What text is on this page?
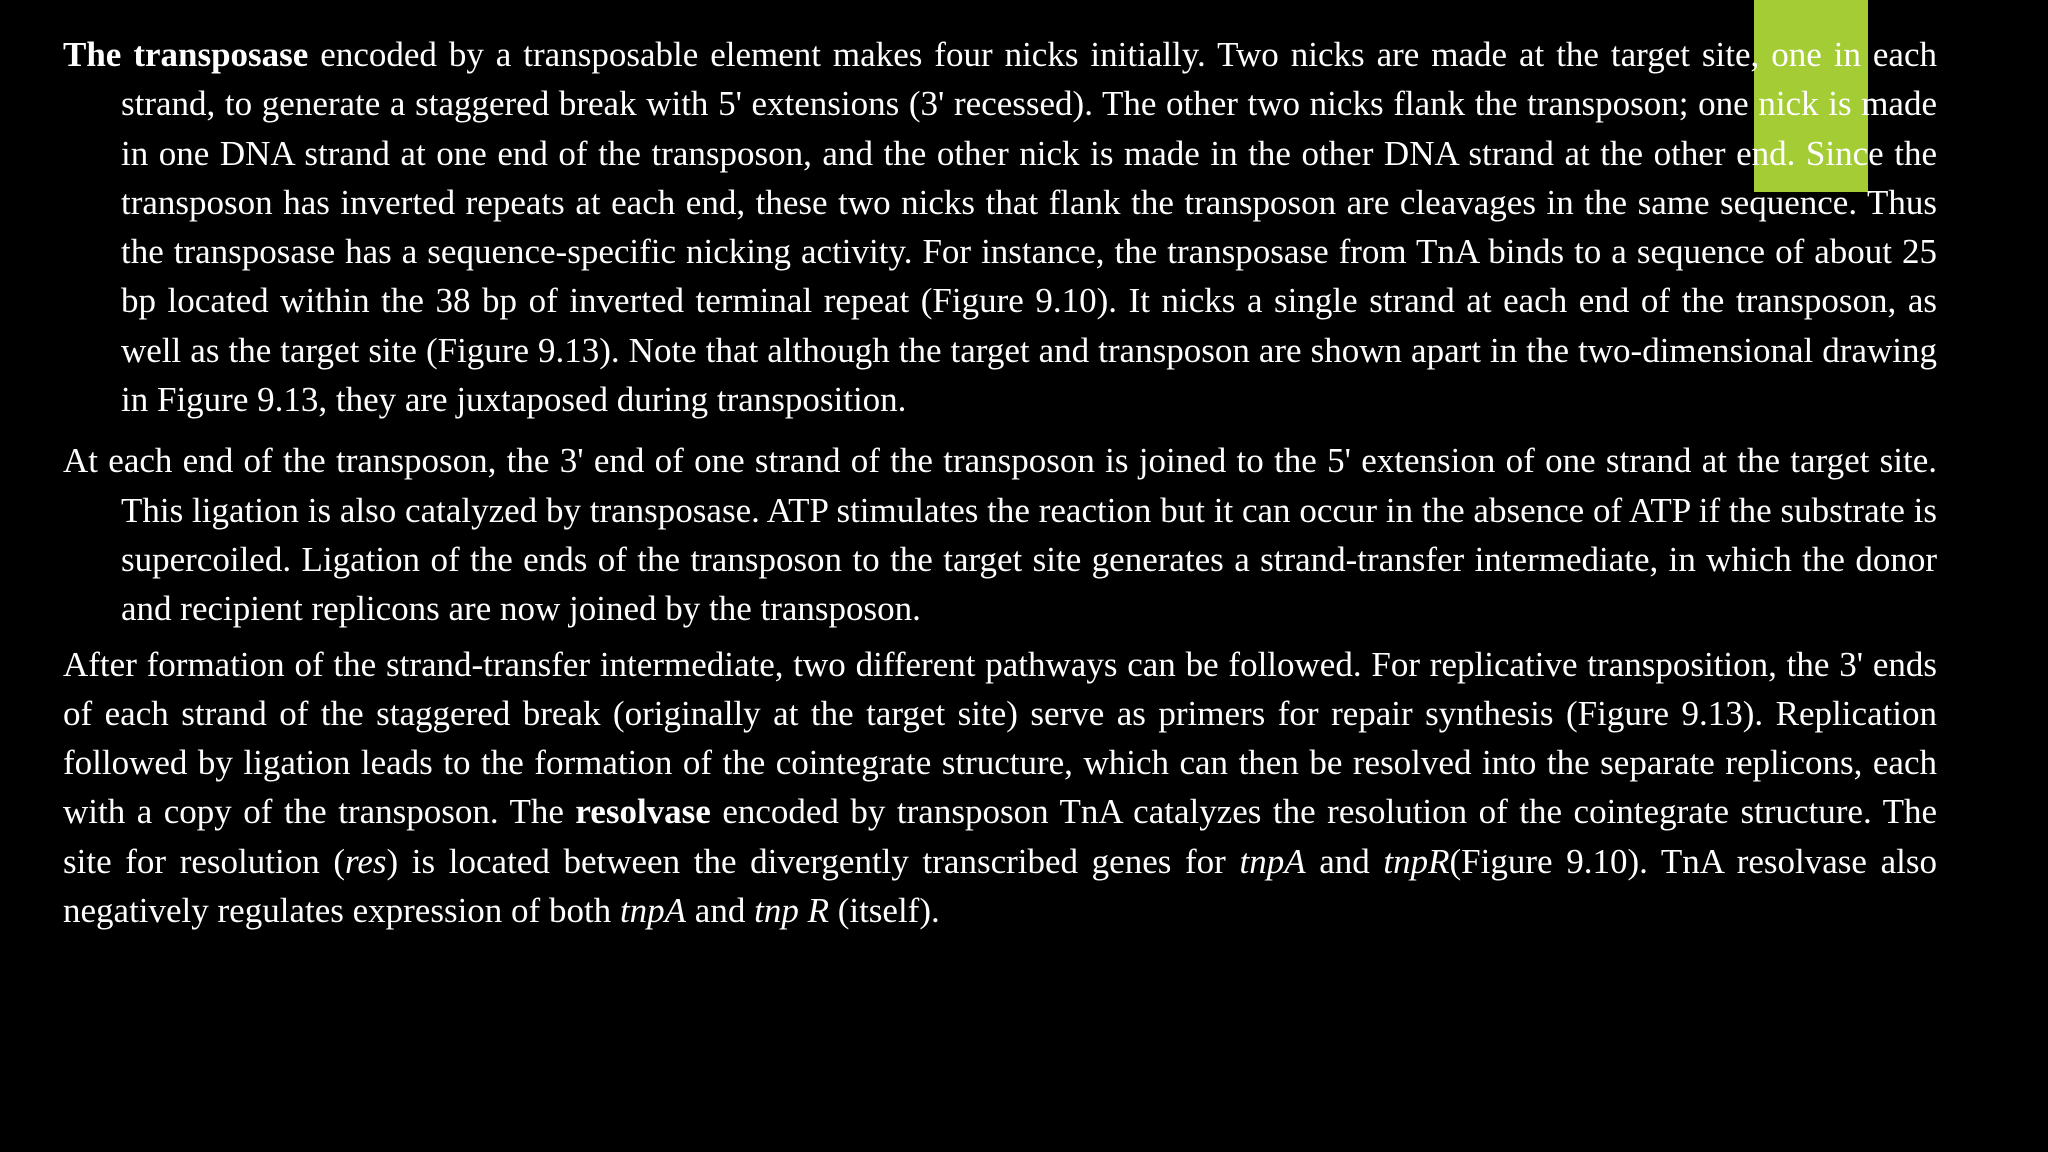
The transposase encoded by a transposable element makes four nicks initially. Two nicks are made at the target site, one in each strand, to generate a staggered break with 5' extensions (3' recessed). The other two nicks flank the transposon; one nick is made in one DNA strand at one end of the transposon, and the other nick is made in the other DNA strand at the other end. Since the transposon has inverted repeats at each end, these two nicks that flank the transposon are cleavages in the same sequence. Thus the transposase has a sequence-specific nicking activity. For instance, the transposase from TnA binds to a sequence of about 25 bp located within the 38 bp of inverted terminal repeat (Figure 9.10). It nicks a single strand at each end of the transposon, as well as the target site (Figure 9.13). Note that although the target and transposon are shown apart in the two-dimensional drawing in Figure 9.13, they are juxtaposed during transposition.

At each end of the transposon, the 3' end of one strand of the transposon is joined to the 5' extension of one strand at the target site. This ligation is also catalyzed by transposase. ATP stimulates the reaction but it can occur in the absence of ATP if the substrate is supercoiled. Ligation of the ends of the transposon to the target site generates a strand-transfer intermediate, in which the donor and recipient replicons are now joined by the transposon.

After formation of the strand-transfer intermediate, two different pathways can be followed. For replicative transposition, the 3' ends of each strand of the staggered break (originally at the target site) serve as primers for repair synthesis (Figure 9.13). Replication followed by ligation leads to the formation of the cointegrate structure, which can then be resolved into the separate replicons, each with a copy of the transposon. The resolvase encoded by transposon TnA catalyzes the resolution of the cointegrate structure. The site for resolution (res) is located between the divergently transcribed genes for tnpA and tnpR(Figure 9.10). TnA resolvase also negatively regulates expression of both tnpA and tnp R (itself).
